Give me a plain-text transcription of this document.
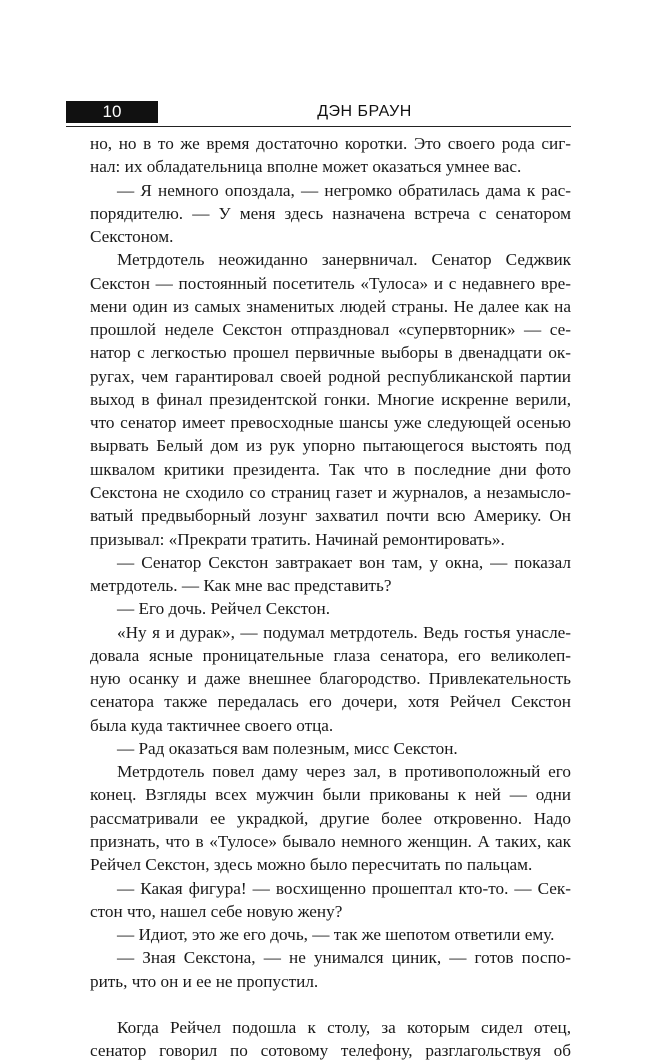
10	ДЭН БРАУН
но, но в то же время достаточно коротки. Это своего рода сиг-
нал: их обладательница вполне может оказаться умнее вас.
— Я немного опоздала, — негромко обратилась дама к рас-
порядителю. — У меня здесь назначена встреча с сенатором
Секстоном.
Метрдотель неожиданно занервничал. Сенатор Седжвик
Секстон — постоянный посетитель «Тулоса» и с недавнего вре-
мени один из самых знаменитых людей страны. Не далее как на
прошлой неделе Секстон отпраздновал «супервторник» — се-
натор с легкостью прошел первичные выборы в двенадцати ок-
ругах, чем гарантировал своей родной республиканской партии
выход в финал президентской гонки. Многие искренне верили,
что сенатор имеет превосходные шансы уже следующей осенью
вырвать Белый дом из рук упорно пытающегося выстоять под
шквалом критики президента. Так что в последние дни фото
Секстона не сходило со страниц газет и журналов, а незамысло-
ватый предвыборный лозунг захватил почти всю Америку. Он
призывал: «Прекрати тратить. Начинай ремонтировать».
— Сенатор Секстон завтракает вон там, у окна, — показал
метрдотель. — Как мне вас представить?
— Его дочь. Рейчел Секстон.
«Ну я и дурак», — подумал метрдотель. Ведь гостья унасле-
довала ясные проницательные глаза сенатора, его великолеп-
ную осанку и даже внешнее благородство. Привлекательность
сенатора также передалась его дочери, хотя Рейчел Секстон
была куда тактичнее своего отца.
— Рад оказаться вам полезным, мисс Секстон.
Метрдотель повел даму через зал, в противоположный его
конец. Взгляды всех мужчин были прикованы к ней — одни
рассматривали ее украдкой, другие более откровенно. Надо
признать, что в «Тулосе» бывало немного женщин. А таких, как
Рейчел Секстон, здесь можно было пересчитать по пальцам.
— Какая фигура! — восхищенно прошептал кто-то. — Сек-
стон что, нашел себе новую жену?
— Идиот, это же его дочь, — так же шепотом ответили ему.
— Зная Секстона, — не унимался циник, — готов поспо-
рить, что он и ее не пропустил.
Когда Рейчел подошла к столу, за которым сидел отец,
сенатор говорил по сотовому телефону, разглагольствуя об
